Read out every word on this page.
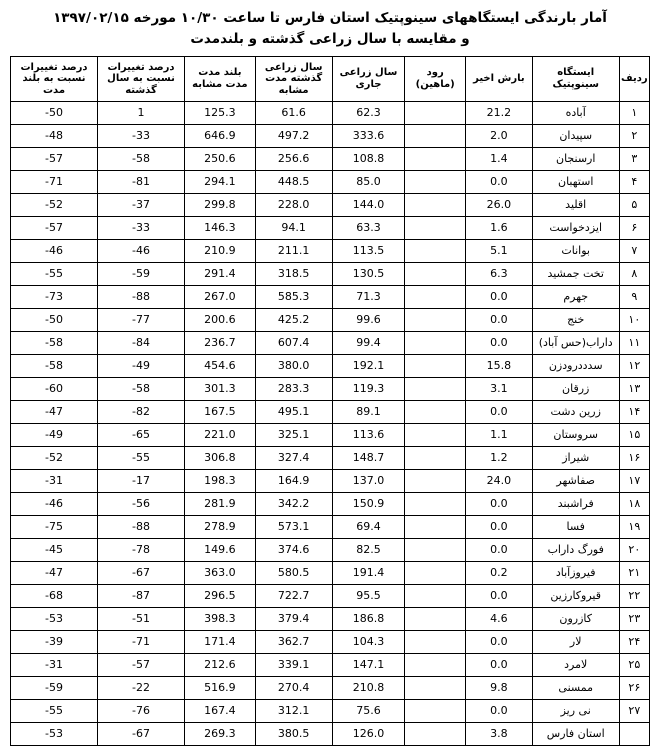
آمار بارندگی ایستگاههای سینوپتیک استان فارس تا ساعت ۱۰/۳۰ مورخه ۱۳۹۷/۰۲/۱۵
و مقایسه با سال زراعی گذشته و بلندمدت
ردیف	ایستگاه سینوپتیک	بارش اخیر	رود (ماهین)	سال زراعی جاری	سال زراعی گذشته مدت مشابه	بلند مدت مدت مشابه	درصد تغییرات نسبت به سال گذشته	درصد تغییرات نسبت به بلند مدت

۱	آباده	21.2		62.3	61.6	125.3	1	-50
۲	سپیدان	2.0		333.6	497.2	646.9	-33	-48
۳	ارسنجان	1.4		108.8	256.6	250.6	-58	-57
۴	استهبان	0.0		85.0	448.5	294.1	-81	-71
۵	اقلید	26.0		144.0	228.0	299.8	-37	-52
۶	ایزدخواست	1.6		63.3	94.1	146.3	-33	-57
۷	بوانات	5.1		113.5	211.1	210.9	-46	-46
۸	تخت جمشید	6.3		130.5	318.5	291.4	-59	-55
۹	جهرم	0.0		71.3	585.3	267.0	-88	-73
۱۰	خنج	0.0		99.6	425.2	200.6	-77	-50
۱۱	داراب(حس آباد)	0.0		99.4	607.4	236.7	-84	-58
۱۲	سدددرودزن	15.8		192.1	380.0	454.6	-49	-58
۱۳	زرقان	3.1		119.3	283.3	301.3	-58	-60
۱۴	زرین دشت	0.0		89.1	495.1	167.5	-82	-47
۱۵	سروستان	1.1		113.6	325.1	221.0	-65	-49
۱۶	شیراز	1.2		148.7	327.4	306.8	-55	-52
۱۷	صفاشهر	24.0		137.0	164.9	198.3	-17	-31
۱۸	فراشبند	0.0		150.9	342.2	281.9	-56	-46
۱۹	فسا	0.0		69.4	573.1	278.9	-88	-75
۲۰	فورگ داراب	0.0		82.5	374.6	149.6	-78	-45
۲۱	فیروزآباد	0.2		191.4	580.5	363.0	-67	-47
۲۲	قیروکارزین	0.0		95.5	722.7	296.5	-87	-68
۲۳	کازرون	4.6		186.8	379.4	398.3	-51	-53
۲۴	لار	0.0		104.3	362.7	171.4	-71	-39
۲۵	لامرد	0.0		147.1	339.1	212.6	-57	-31
۲۶	ممسنی	9.8		210.8	270.4	516.9	-22	-59
۲۷	نی ریز	0.0		75.6	312.1	167.4	-76	-55
	استان فارس	3.8		126.0	380.5	269.3	-67	-53
